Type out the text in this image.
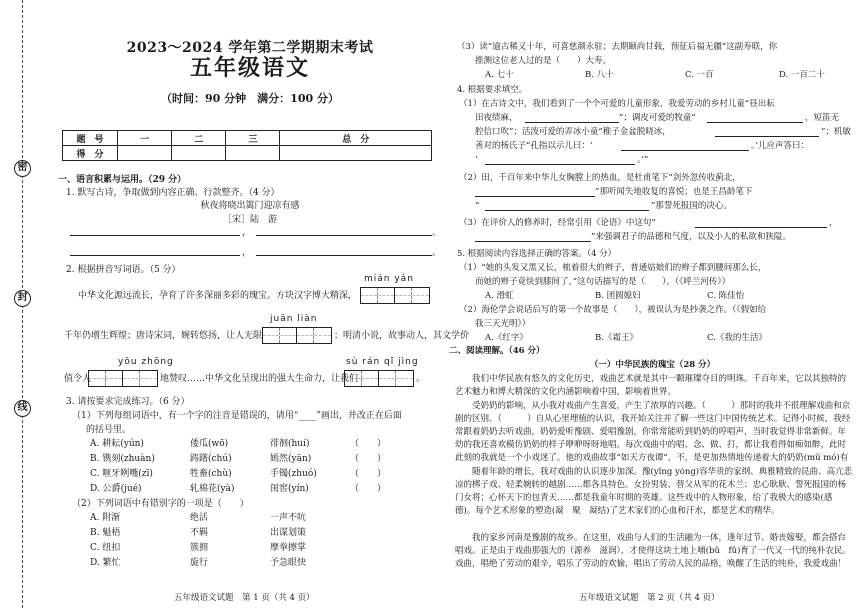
密
封
线
2023～2024 学年第二学期期末考试
五年级语文
（时间：90 分钟　满分：100 分）
题　号	一	二	三	总　分
得　分				
一、语言积累与运用。（29 分）
1. 默写古诗，争取做到内容正确、行款整齐。（4 分）
秋夜将晓出篱门迎凉有感
［宋］陆　游
，	。
，	。
2. 根据拼音写词语。（5 分）
mián yán
中华文化源远流长，孕育了许多深丽多彩的瑰宝。方块汉字博大精深，
juān liàn
千年仍增生辉煌；唐诗宋词，婉转悠扬，让人无限	；明清小说，故事动人，其文学价
yōu zhōng	sù rán qǐ jìng
值令人	地赞叹……中华文化呈现出的强大生命力，让我们	。
3. 请按要求完成练习。（6 分）
（1）下列每组词语中，有一个字的注音是错误的，请用“____”画出，并改正在后面
的括号里。
（2）下列词语中有错别字的一项是（　　）
五年级语文试题　第 1 页（共 4 页）
A. 耕耘(yún)	倭瓜(wō)	徘徊(huí)	（　　）
B. 镌刻(zhuàn)	踌躇(chú)	嫣然(yān)	（　　）
C. 咂牙咧嘴(zī)	牲畜(chù)	手镯(zhuó)	（　　）
D. 公爵(jué)	轧棉花(yà)	闺窖(yín)	（　　）
A. 附渐	绝活	一声不吭
B. 魁梧	不羁	出谋划策
C. 纽扣	簇拥	摩拳擦掌
D. 繁忙	旋行	予急眼快
（3）读“逾古稀又十年，可喜慈颜永驻；去期颐尚甘载，预征后福无疆”这副寿联，你
推测这位老人过的是（　　）大寿。
A. 七十	B. 八十	C. 一百	D. 一百二十
4. 根据要求填空。
（1）在古诗文中，我们看到了一个个可爱的儿童形象，我爱劳动的乡村儿童“昼出耘
田夜绩麻，	”；调皮可爱的牧童“	，短笛无
腔信口吹”；活泼可爱的弄冰小童“稚子金盆脱晓冰，	”；机敏
善对的杨氏子“孔指以示儿曰：‘	。’儿应声答曰：
‘	。’”
（2）田，千百年来中华儿女胸膛上的热血，是杜甫笔下“剑外忽传收蓟北，
”那听闻失地收复的喜悦；也是王昌龄笔下
“	”那誓死报国的决心。
（3）在评价人的修养时，经常引用《论语》中这句“	，
”来强调君子的品德和气度，以及小人的私欲和狭隘。
5. 根据阅读内容选择正确的答案。（4 分）
（1）“她的头发又黑又长，梳着很大的辫子，普通姑娘们的辫子都到腰间那么长，
而她的辫子竟快到膝间了。”这句话描写的是（　　）。（《呼兰河传》）
A. 滑虹	B. 团圆媳妇	C. 陈佳怡
（2）海伦学会说话后写的第一个故事是（　　），被误认为是抄袭之作。（《假如给
我三天光明》）
A.《红字》	B.《霜王》	C.《我的生活》
二、阅读理解。（46 分）
（一）中华民族的瑰宝（28 分）
　　我们中华民族有悠久的文化历史，戏曲艺术就是其中一颗璀璨夺目的明珠。千百年来，它以其独特的艺术魅力和博大精深的文化内涵影响着中国，影响着世界。
　　受奶奶的影响，从小我对戏曲产生喜爱，产生了浓厚的兴趣。（　　　）那时的我并不很理解戏曲和京剧的区别。（　　　）自从心里埋植的认识，我开始关注并了解一些这门中国传统艺术。记得小时候，我经常跟着奶奶去听戏曲，奶奶爱听豫剧、爱唱豫剧，你常常能听到奶奶的哼唱声，当时我觉得非常新鲜。年幼的我还喜欢模仿奶奶的样子咿咿呀呀地唱。每次戏曲中的唱、念、做、打，都让我看得如痴如醉，此时此刻的我就是一个小戏迷了。他的戏曲故事“如天方夜谭”，不，是更加热情地传递着大的奶奶(mǔ mó)有
　　随着年龄的增长，我对戏曲的认识逐步加深。豫(yǐng yóng)容华贵的家纲、典雅精致的昆曲、高亢悲凉的梆子戏、轻柔婉转的越剧……都各具特色。女扮男装、替父从军的花木兰；忠心耿耿、誓死报国的杨门女将；心怀天下的包青天……都是我童年时期的英雄。这些戏中的人物形象，给了我极大的感染(感　德)。每个艺术形象的塑造(凝　聚　凝结)了艺术家们的心血和汗水，都是艺术的精华。
　　我的家乡河南是豫剧的故乡。在这里，戏曲与人们的生活融为一体，逢年过节、婚丧嫁娶，都会搭台唱戏。正是由于戏曲那强大的（源养　滋润），才使得这块土地上哺(bǔ　fǔ)育了一代又一代的纯朴农民。戏曲，唱绝了劳动的艰辛，唱乐了劳动的欢愉，唱出了劳动人民的品格，唤醒了生活的纯朴，我爱戏曲！
五年级语文试题　第 2 页（共 4 页）
